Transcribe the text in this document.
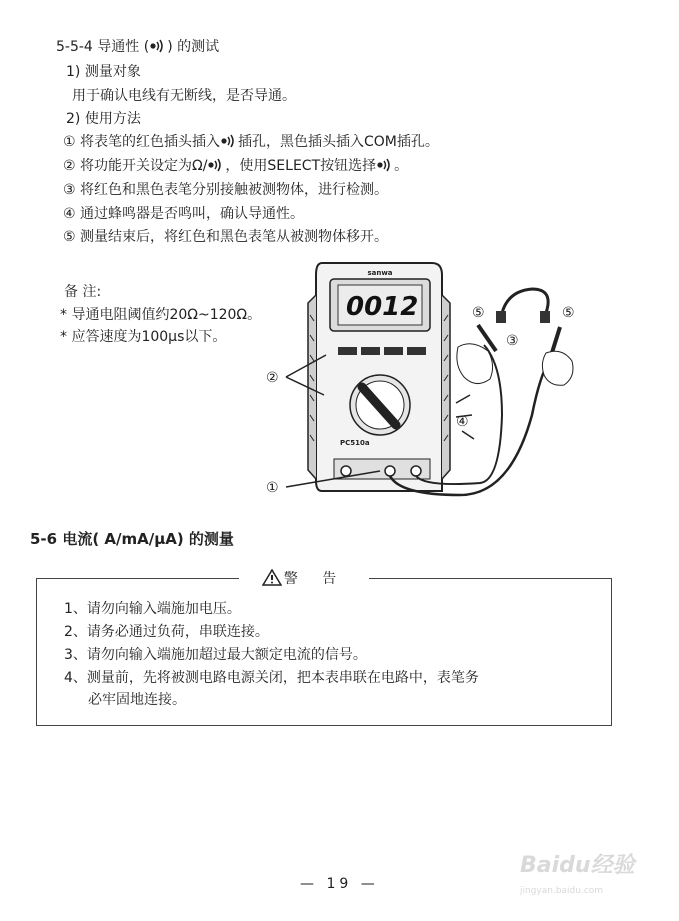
5-5-4 导通性 ( ) 的测试
1) 测量对象
用于确认电线有无断线，是否导通。
2) 使用方法
① 将表笔的红色插头插入 插孔，黑色插头插入COM插孔。
② 将功能开关设定为Ω/ ，使用SELECT按钮选择 。
③ 将红色和黑色表笔分别接触被测物体，进行检测。
④ 通过蜂鸣器是否鸣叫，确认导通性。
⑤ 测量结束后，将红色和黑色表笔从被测物体移开。
备 注:
* 导通电阻阈值约20Ω~120Ω。
* 应答速度为100μs以下。
sanwa
0012
PC510a
①
②
③
④
⑤	⑤
5-6 电流( A/mA/μA) 的测量
警 告
1、请勿向输入端施加电压。
2、请务必通过负荷，串联连接。
3、请勿向输入端施加超过最大额定电流的信号。
4、测量前，先将被测电路电源关闭，把本表串联在电路中，表笔务
必牢固地连接。
— 19 —
Baidu经验
jingyan.baidu.com
